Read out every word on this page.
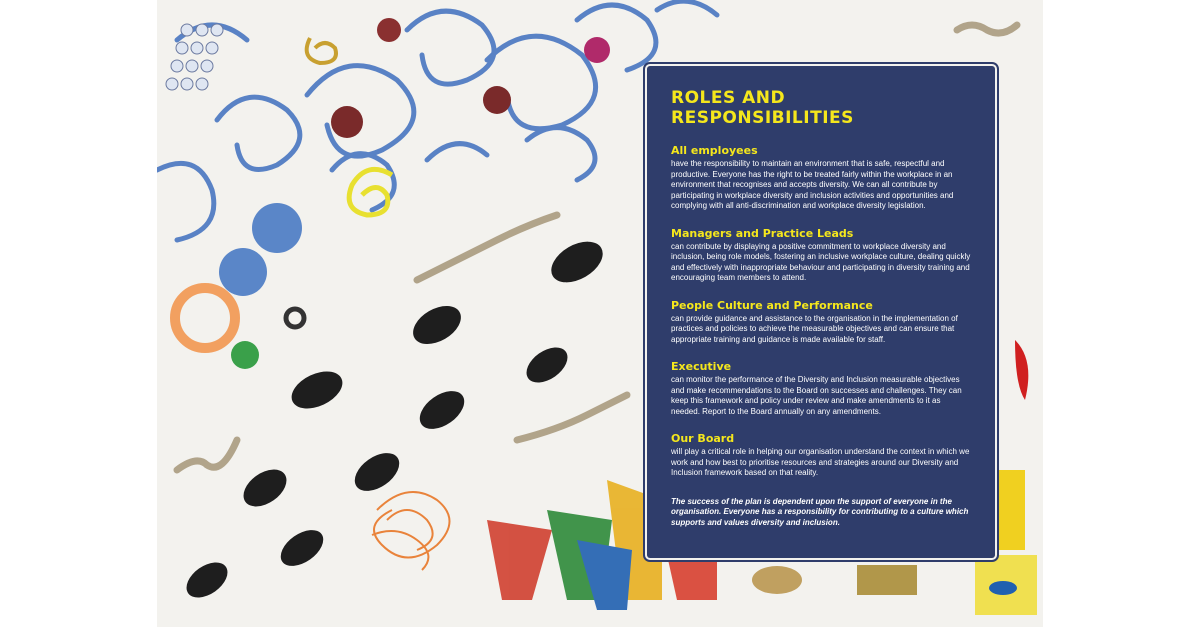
ROLES AND RESPONSIBILITIES
All employees

have the responsibility to maintain an environment that is safe, respectful and productive. Everyone has the right to be treated fairly within the workplace in an environment that recognises and accepts diversity. We can all contribute by participating in workplace diversity and inclusion activities and opportunities and complying with all anti-discrimination and workplace diversity legislation.

Managers and Practice Leads

can contribute by displaying a positive commitment to workplace diversity and inclusion, being role models, fostering an inclusive workplace culture, dealing quickly and effectively with inappropriate behaviour and participating in diversity training and encouraging team members to attend.

People Culture and Performance

can provide guidance and assistance to the organisation in the implementation of practices and policies to achieve the measurable objectives and can ensure that appropriate training and guidance is made available for staff.

Executive

can monitor the performance of the Diversity and Inclusion measurable objectives and make recommendations to the Board on successes and challenges. They can keep this framework and policy under review and make amendments to it as needed. Report to the Board annually on any amendments.

Our Board

will play a critical role in helping our organisation understand the context in which we work and how best to prioritise resources and strategies around our Diversity and Inclusion framework based on that reality.

The success of the plan is dependent upon the support of everyone in the organisation. Everyone has a responsibility for contributing to a culture which supports and values diversity and inclusion.
